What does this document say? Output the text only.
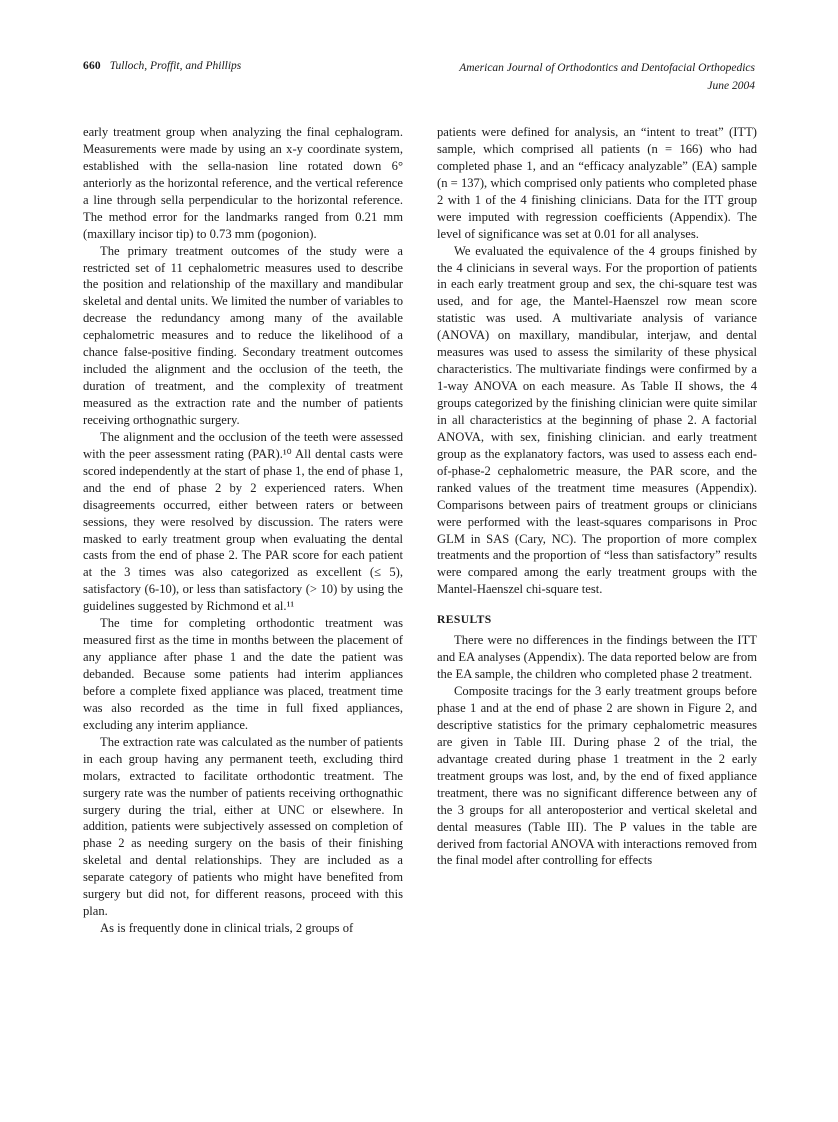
660 Tulloch, Proffit, and Phillips	American Journal of Orthodontics and Dentofacial Orthopedics
June 2004

early treatment group when analyzing the final cephalogram. Measurements were made by using an x-y coordinate system, established with the sella-nasion line rotated down 6° anteriorly as the horizontal reference, and the vertical reference a line through sella perpendicular to the horizontal reference. The method error for the landmarks ranged from 0.21 mm (maxillary incisor tip) to 0.73 mm (pogonion).

The primary treatment outcomes of the study were a restricted set of 11 cephalometric measures used to describe the position and relationship of the maxillary and mandibular skeletal and dental units. We limited the number of variables to decrease the redundancy among many of the available cephalometric measures and to reduce the likelihood of a chance false-positive finding. Secondary treatment outcomes included the alignment and the occlusion of the teeth, the duration of treatment, and the complexity of treatment measured as the extraction rate and the number of patients receiving orthognathic surgery.

The alignment and the occlusion of the teeth were assessed with the peer assessment rating (PAR).¹⁰ All dental casts were scored independently at the start of phase 1, the end of phase 1, and the end of phase 2 by 2 experienced raters. When disagreements occurred, either between raters or between sessions, they were resolved by discussion. The raters were masked to early treatment group when evaluating the dental casts from the end of phase 2. The PAR score for each patient at the 3 times was also categorized as excellent (≤ 5), satisfactory (6-10), or less than satisfactory (> 10) by using the guidelines suggested by Richmond et al.¹¹

The time for completing orthodontic treatment was measured first as the time in months between the placement of any appliance after phase 1 and the date the patient was debanded. Because some patients had interim appliances before a complete fixed appliance was placed, treatment time was also recorded as the time in full fixed appliances, excluding any interim appliance.

The extraction rate was calculated as the number of patients in each group having any permanent teeth, excluding third molars, extracted to facilitate orthodontic treatment. The surgery rate was the number of patients receiving orthognathic surgery during the trial, either at UNC or elsewhere. In addition, patients were subjectively assessed on completion of phase 2 as needing surgery on the basis of their finishing skeletal and dental relationships. They are included as a separate category of patients who might have benefited from surgery but did not, for different reasons, proceed with this plan.

As is frequently done in clinical trials, 2 groups of

patients were defined for analysis, an “intent to treat” (ITT) sample, which comprised all patients (n = 166) who had completed phase 1, and an “efficacy analyzable” (EA) sample (n = 137), which comprised only patients who completed phase 2 with 1 of the 4 finishing clinicians. Data for the ITT group were imputed with regression coefficients (Appendix). The level of significance was set at 0.01 for all analyses.

We evaluated the equivalence of the 4 groups finished by the 4 clinicians in several ways. For the proportion of patients in each early treatment group and sex, the chi-square test was used, and for age, the Mantel-Haenszel row mean score statistic was used. A multivariate analysis of variance (ANOVA) on maxillary, mandibular, interjaw, and dental measures was used to assess the similarity of these physical characteristics. The multivariate findings were confirmed by a 1-way ANOVA on each measure. As Table II shows, the 4 groups categorized by the finishing clinician were quite similar in all characteristics at the beginning of phase 2. A factorial ANOVA, with sex, finishing clinician. and early treatment group as the explanatory factors, was used to assess each end-of-phase-2 cephalometric measure, the PAR score, and the ranked values of the treatment time measures (Appendix). Comparisons between pairs of treatment groups or clinicians were performed with the least-squares comparisons in Proc GLM in SAS (Cary, NC). The proportion of more complex treatments and the proportion of “less than satisfactory” results were compared among the early treatment groups with the Mantel-Haenszel chi-square test.

RESULTS

There were no differences in the findings between the ITT and EA analyses (Appendix). The data reported below are from the EA sample, the children who completed phase 2 treatment.

Composite tracings for the 3 early treatment groups before phase 1 and at the end of phase 2 are shown in Figure 2, and descriptive statistics for the primary cephalometric measures are given in Table III. During phase 2 of the trial, the advantage created during phase 1 treatment in the 2 early treatment groups was lost, and, by the end of fixed appliance treatment, there was no significant difference between any of the 3 groups for all anteroposterior and vertical skeletal and dental measures (Table III). The P values in the table are derived from factorial ANOVA with interactions removed from the final model after controlling for effects
